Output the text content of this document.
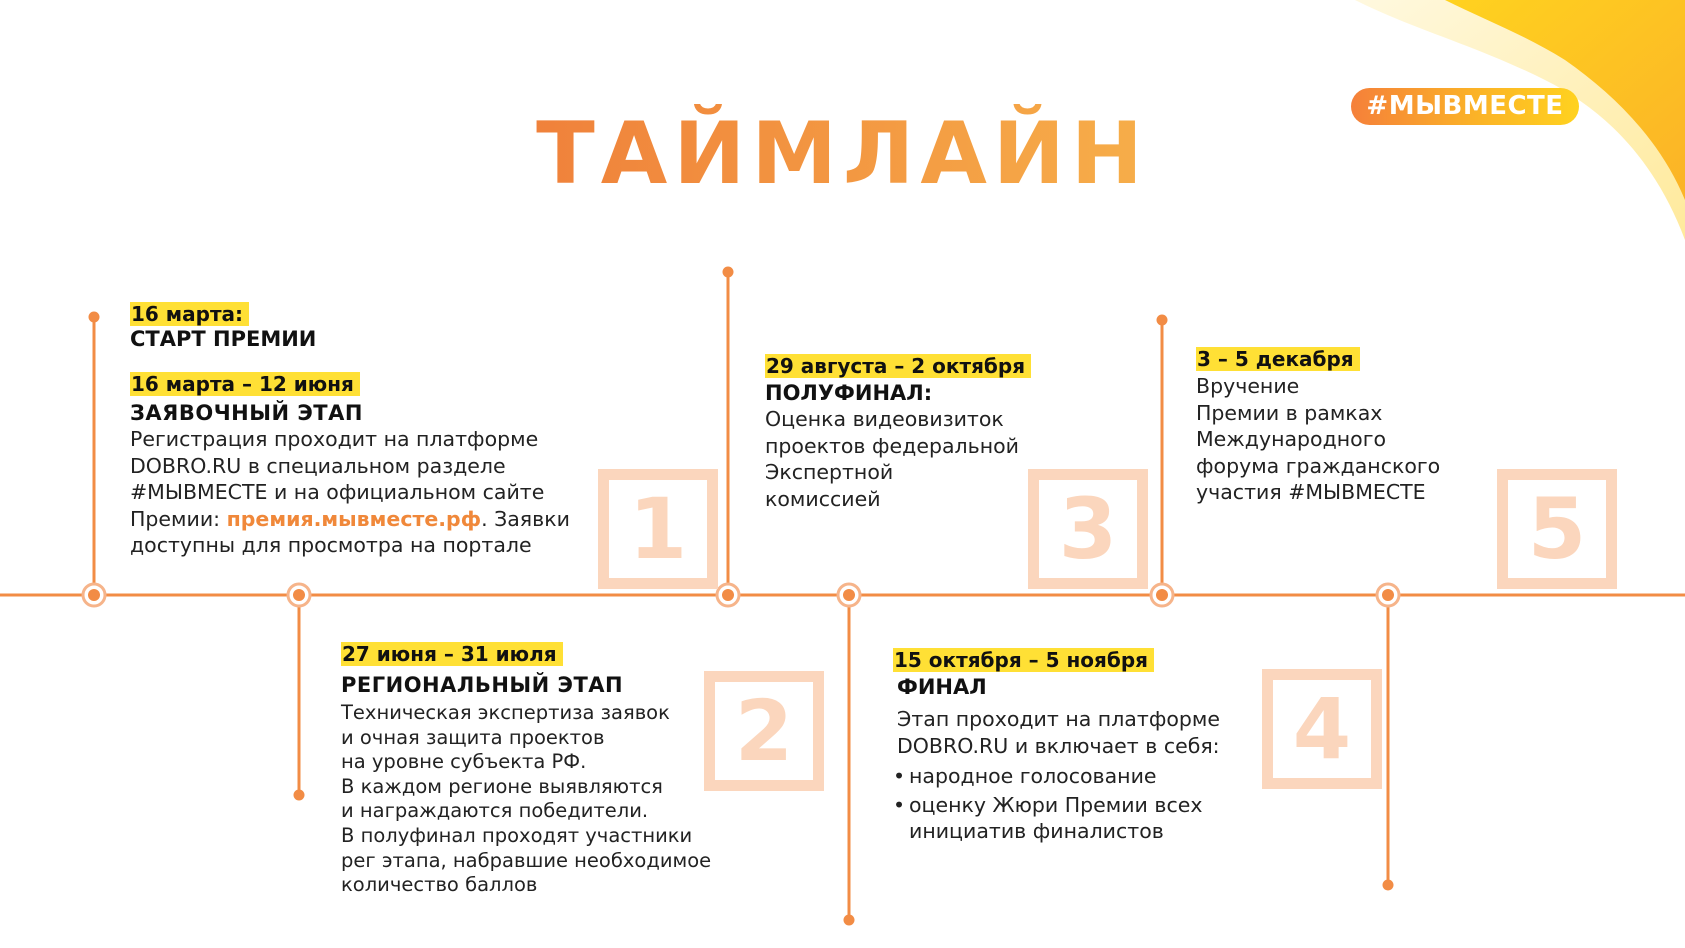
ТАЙМЛАЙН
1
2
3
4
5
16 марта:
СТАРТ ПРЕМИИ
16 марта – 12 июня
ЗАЯВОЧНЫЙ ЭТАП
Регистрация проходит на платформе
DOBRO.RU в специальном разделе
#МЫВМЕСТЕ и на официальном сайте
Премии: премия.мывместе.рф. Заявки
доступны для просмотра на портале
27 июня – 31 июля
РЕГИОНАЛЬНЫЙ ЭТАП
Техническая экспертиза заявок
и очная защита проектов
на уровне субъекта РФ.
В каждом регионе выявляются
и награждаются победители.
В полуфинал проходят участники
рег этапа, набравшие необходимое
количество баллов
29 августа – 2 октября
ПОЛУФИНАЛ:
Оценка видеовизиток
проектов федеральной
Экспертной
комиссией
15 октября – 5 ноября
ФИНАЛ
Этап проходит на платформе
DOBRO.RU и включает в себя:
• народное голосование
• оценку Жюри Премии всех
инициатив финалистов
3 – 5 декабря
Вручение
Премии в рамках
Международного
форума гражданского
участия #МЫВМЕСТЕ
